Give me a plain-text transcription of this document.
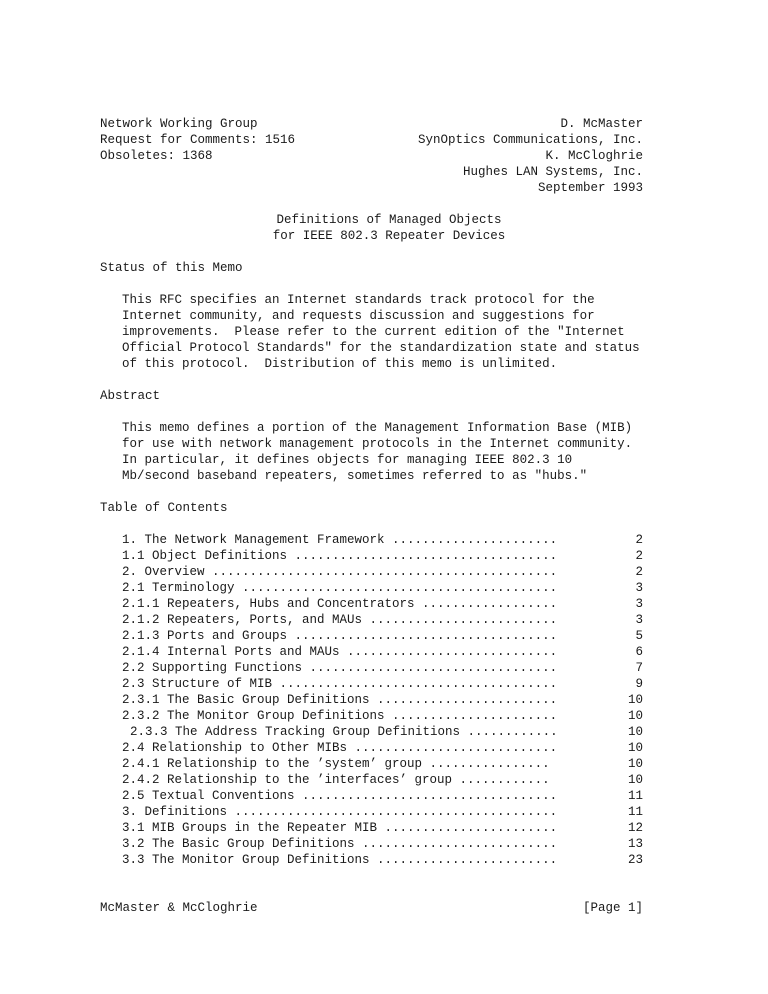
Network Working Group
Request for Comments: 1516
Obsoletes: 1368
D. McMaster
SynOptics Communications, Inc.
K. McCloghrie
Hughes LAN Systems, Inc.
September 1993
Definitions of Managed Objects
for IEEE 802.3 Repeater Devices
Status of this Memo
This RFC specifies an Internet standards track protocol for the
Internet community, and requests discussion and suggestions for
improvements.  Please refer to the current edition of the "Internet
Official Protocol Standards" for the standardization state and status
of this protocol.  Distribution of this memo is unlimited.
Abstract
This memo defines a portion of the Management Information Base (MIB)
for use with network management protocols in the Internet community.
In particular, it defines objects for managing IEEE 802.3 10
Mb/second baseband repeaters, sometimes referred to as "hubs."
Table of Contents
1. The Network Management Framework ......................	2
1.1 Object Definitions ...................................	2
2. Overview ..............................................	2
2.1 Terminology ..........................................	3
2.1.1 Repeaters, Hubs and Concentrators ..................	3
2.1.2 Repeaters, Ports, and MAUs .........................	3
2.1.3 Ports and Groups ...................................	5
2.1.4 Internal Ports and MAUs ............................	6
2.2 Supporting Functions .................................	7
2.3 Structure of MIB .....................................	9
2.3.1 The Basic Group Definitions ........................	10
2.3.2 The Monitor Group Definitions ......................	10
2.3.3 The Address Tracking Group Definitions ............	10
2.4 Relationship to Other MIBs ...........................	10
2.4.1 Relationship to the ’system’ group ................	10
2.4.2 Relationship to the ’interfaces’ group ............	10
2.5 Textual Conventions ..................................	11
3. Definitions ...........................................	11
3.1 MIB Groups in the Repeater MIB .......................	12
3.2 The Basic Group Definitions ..........................	13
3.3 The Monitor Group Definitions ........................	23
McMaster & McCloghrie	[Page 1]
